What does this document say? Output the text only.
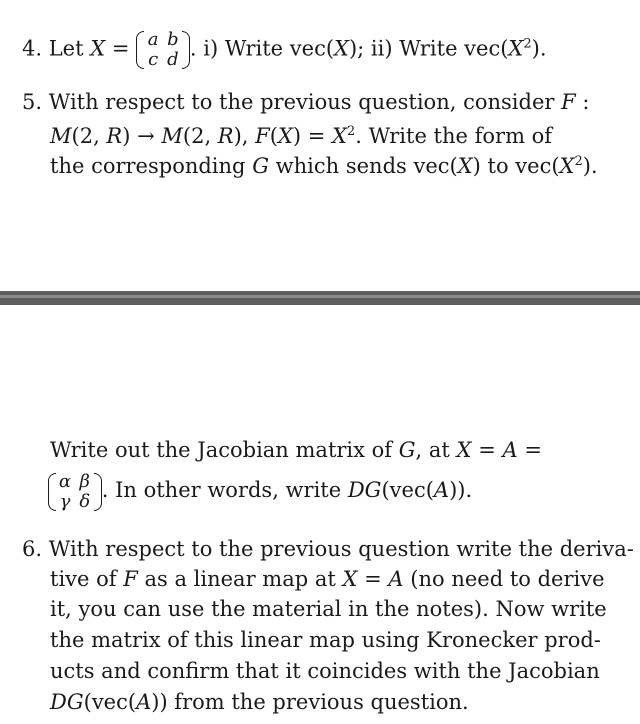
4. Let X = a b
c d . i) Write vec(X); ii) Write $vec(X^2)$.
5. With respect to the previous question, consider F :
M(2, R) → M(2, R), $F(X) = X^2$. Write the form of
the corresponding G which sends vec(X) to $vec(X^2)$.
Write out the Jacobian matrix of G, at X = A =
α β
γ δ . In other words, write DG(vec(A)).
6. With respect to the previous question write the deriva-
tive of F as a linear map at X = A (no need to derive
it, you can use the material in the notes). Now write
the matrix of this linear map using Kronecker prod-
ucts and confirm that it coincides with the Jacobian
DG(vec(A)) from the previous question.
